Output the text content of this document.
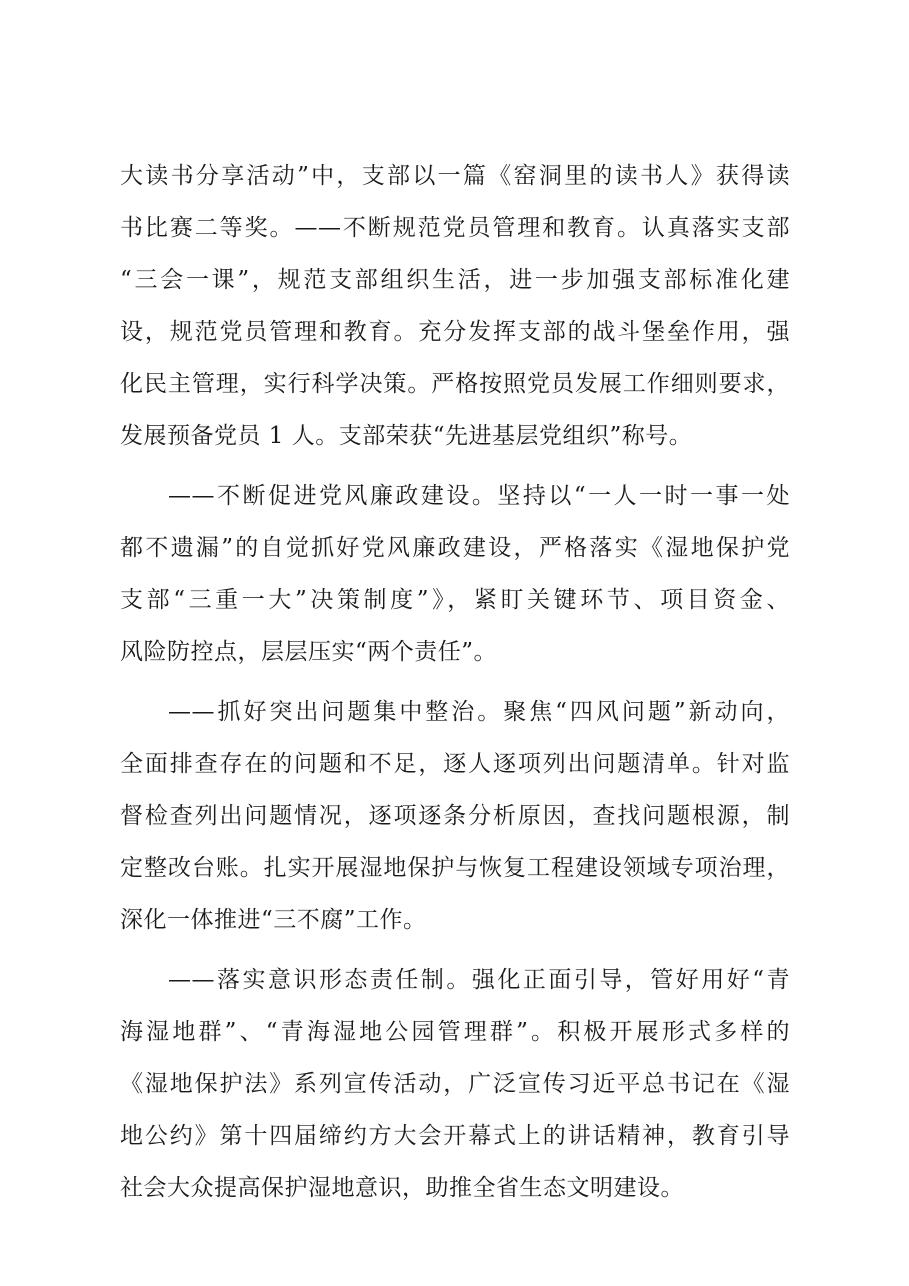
大读书分享活动”中，支部以一篇《窑洞里的读书人》获得读
书比赛二等奖。——不断规范党员管理和教育。认真落实支部
“三会一课”，规范支部组织生活，进一步加强支部标准化建
设，规范党员管理和教育。充分发挥支部的战斗堡垒作用，强
化民主管理，实行科学决策。严格按照党员发展工作细则要求，
发展预备党员 1 人。支部荣获“先进基层党组织”称号。
——不断促进党风廉政建设。坚持以“一人一时一事一处
都不遗漏”的自觉抓好党风廉政建设，严格落实《湿地保护党
支部“三重一大”决策制度”》，紧盯关键环节、项目资金、
风险防控点，层层压实“两个责任”。
——抓好突出问题集中整治。聚焦“四风问题”新动向，
全面排查存在的问题和不足，逐人逐项列出问题清单。针对监
督检查列出问题情况，逐项逐条分析原因，查找问题根源，制
定整改台账。扎实开展湿地保护与恢复工程建设领域专项治理，
深化一体推进“三不腐”工作。
——落实意识形态责任制。强化正面引导，管好用好“青
海湿地群”、“青海湿地公园管理群”。积极开展形式多样的
《湿地保护法》系列宣传活动，广泛宣传习近平总书记在《湿
地公约》第十四届缔约方大会开幕式上的讲话精神，教育引导
社会大众提高保护湿地意识，助推全省生态文明建设。
